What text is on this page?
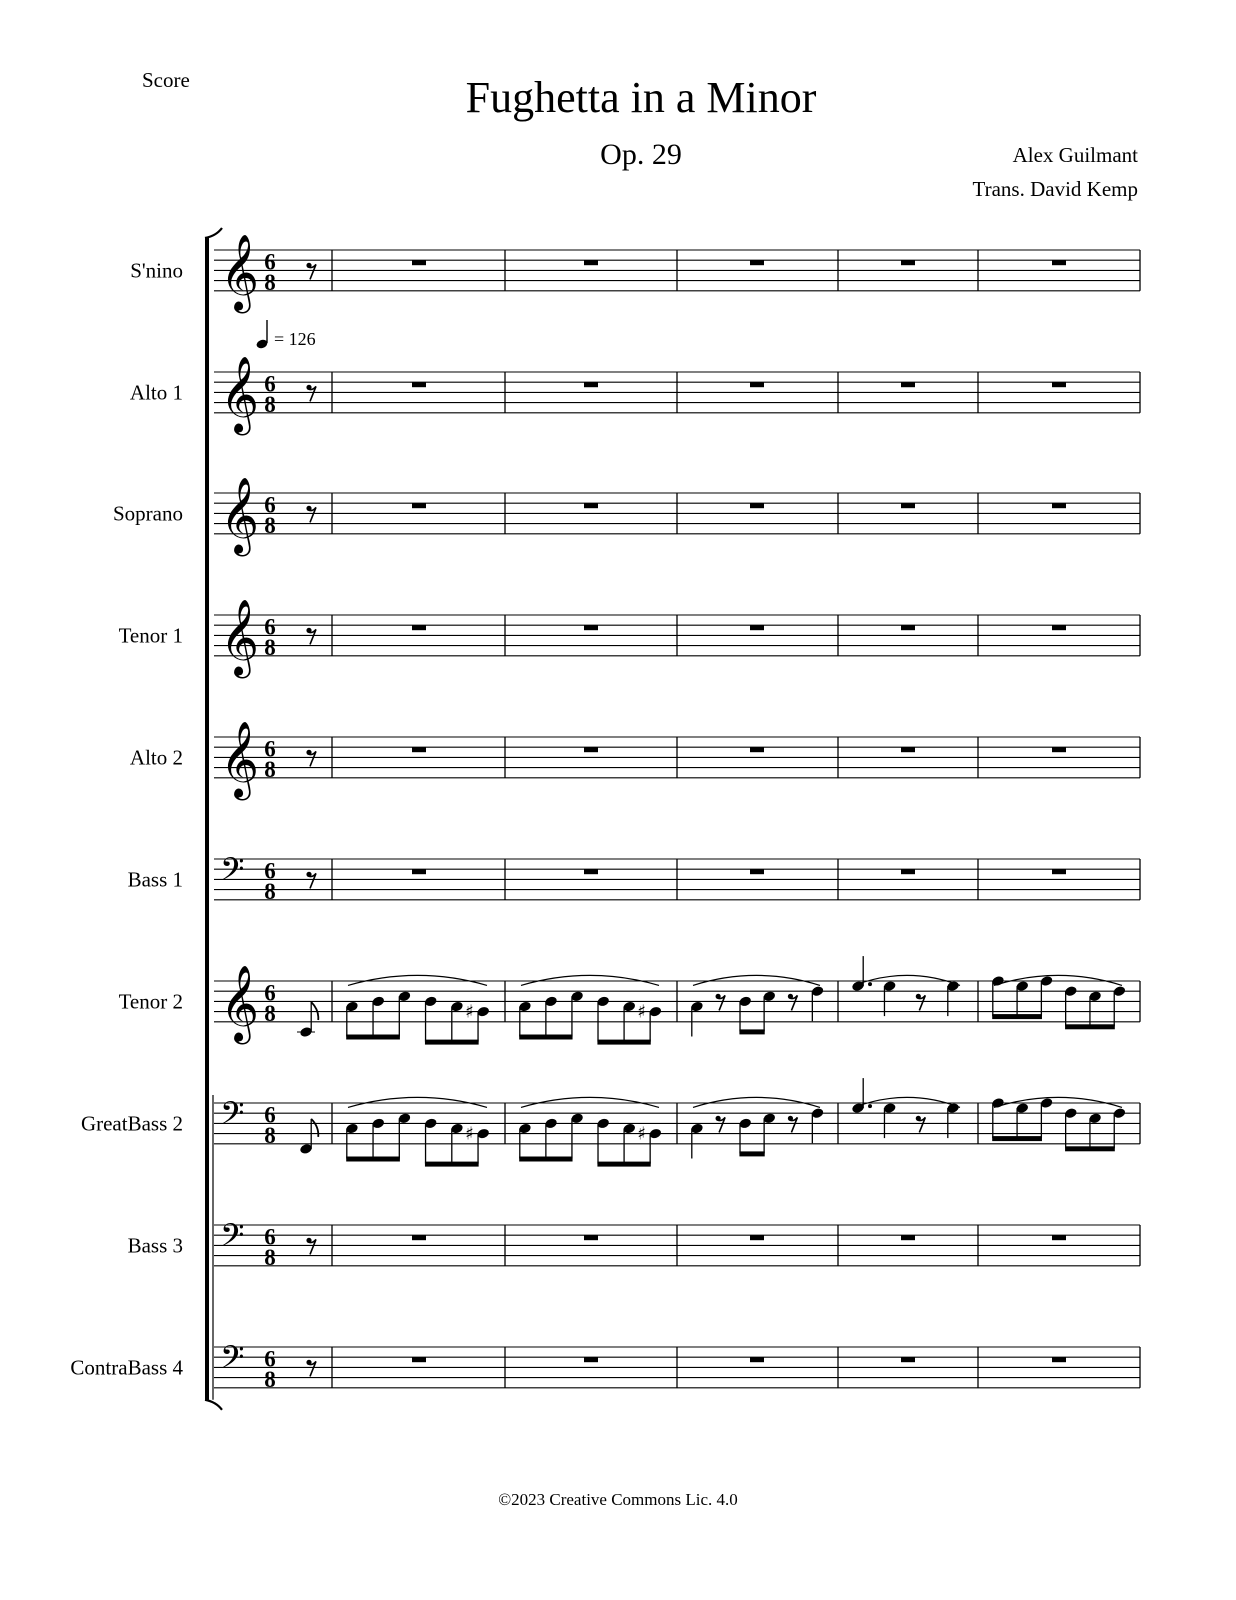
Score	Fughetta in a Minor
Op. 29	Alex Guilmant
Trans. David Kemp
S'nino 𝄞 6
8
Alto 1 𝄞 6
8
Soprano 𝄞 6
8
Tenor 1 𝄞 6
8
Alto 2 𝄞 6
8
Bass 1 𝄢 6
8
Tenor 2 𝄞 6
8
GreatBass 2 𝄢 6
8
Bass 3 𝄢 6
8
ContraBass 4 𝄢 6
8
= 126
♯	♯
♯	♯
©2023 Creative Commons Lic. 4.0
